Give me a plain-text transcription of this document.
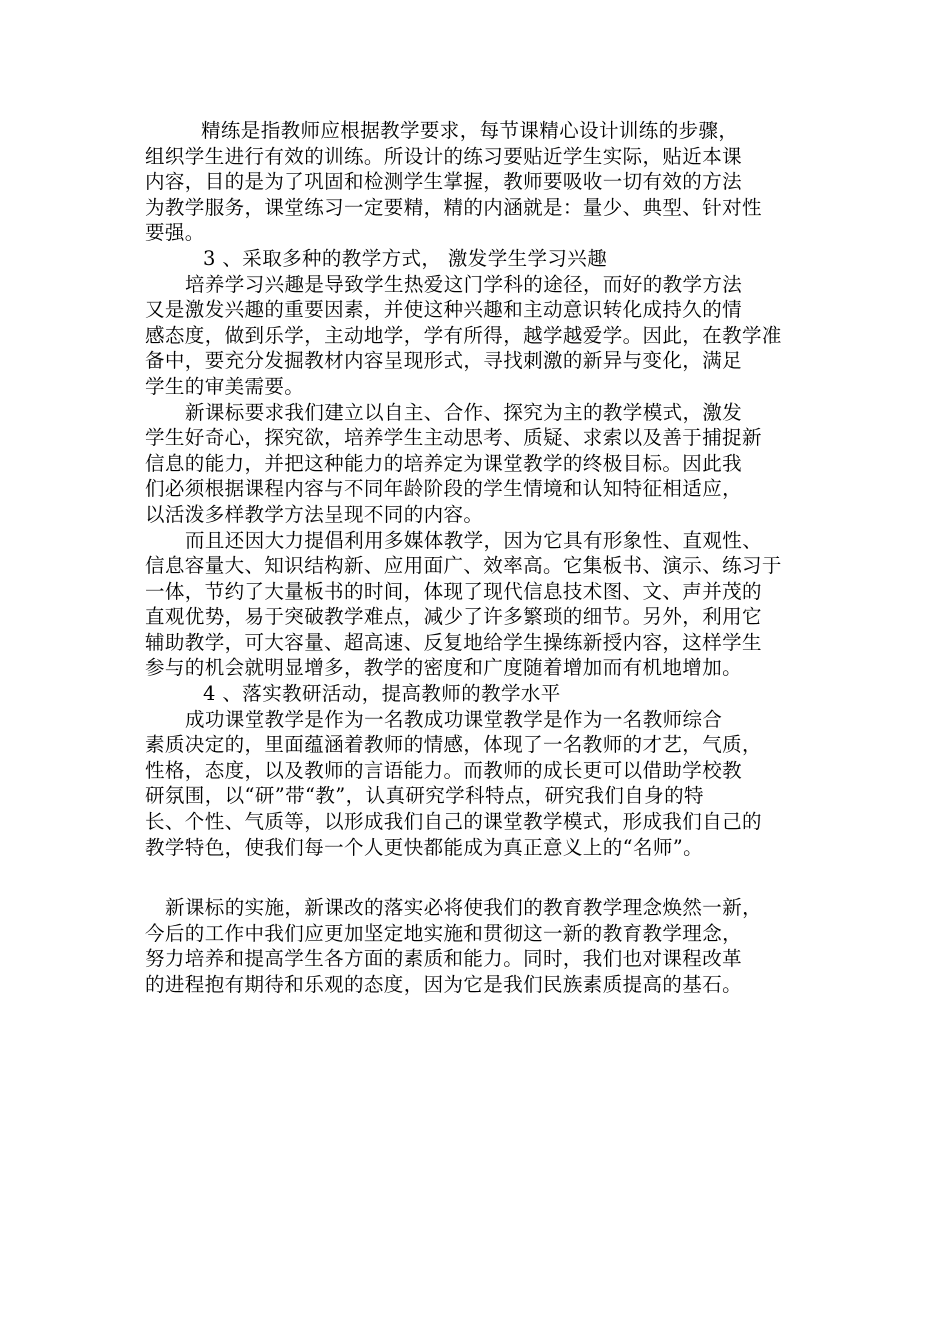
精练是指教师应根据教学要求，每节课精心设计训练的步骤，
组织学生进行有效的训练。所设计的练习要贴近学生实际，贴近本课
内容，目的是为了巩固和检测学生掌握，教师要吸收一切有效的方法
为教学服务，课堂练习一定要精，精的内涵就是：量少、典型、针对性
要强。
3 、采取多种的教学方式， 激发学生学习兴趣
培养学习兴趣是导致学生热爱这门学科的途径，而好的教学方法
又是激发兴趣的重要因素，并使这种兴趣和主动意识转化成持久的情
感态度，做到乐学，主动地学，学有所得，越学越爱学。因此，在教学准
备中，要充分发掘教材内容呈现形式，寻找刺激的新异与变化，满足
学生的审美需要。
新课标要求我们建立以自主、合作、探究为主的教学模式，激发
学生好奇心，探究欲，培养学生主动思考、质疑、求索以及善于捕捉新
信息的能力，并把这种能力的培养定为课堂教学的终极目标。因此我
们必须根据课程内容与不同年龄阶段的学生情境和认知特征相适应，
以活泼多样教学方法呈现不同的内容。
而且还因大力提倡利用多媒体教学，因为它具有形象性、直观性、
信息容量大、知识结构新、应用面广、效率高。它集板书、演示、练习于
一体，节约了大量板书的时间，体现了现代信息技术图、文、声并茂的
直观优势，易于突破教学难点，减少了许多繁琐的细节。另外，利用它
辅助教学，可大容量、超高速、反复地给学生操练新授内容，这样学生
参与的机会就明显增多，教学的密度和广度随着增加而有机地增加。
4 、落实教研活动，提高教师的教学水平
成功课堂教学是作为一名教成功课堂教学是作为一名教师综合
素质决定的，里面蕴涵着教师的情感，体现了一名教师的才艺，气质，
性格，态度，以及教师的言语能力。而教师的成长更可以借助学校教
研氛围，以“研”带“教”，认真研究学科特点，研究我们自身的特
长、个性、气质等，以形成我们自己的课堂教学模式，形成我们自己的
教学特色，使我们每一个人更快都能成为真正意义上的“名师”。
新课标的实施，新课改的落实必将使我们的教育教学理念焕然一新，
今后的工作中我们应更加坚定地实施和贯彻这一新的教育教学理念，
努力培养和提高学生各方面的素质和能力。同时，我们也对课程改革
的进程抱有期待和乐观的态度，因为它是我们民族素质提高的基石。
